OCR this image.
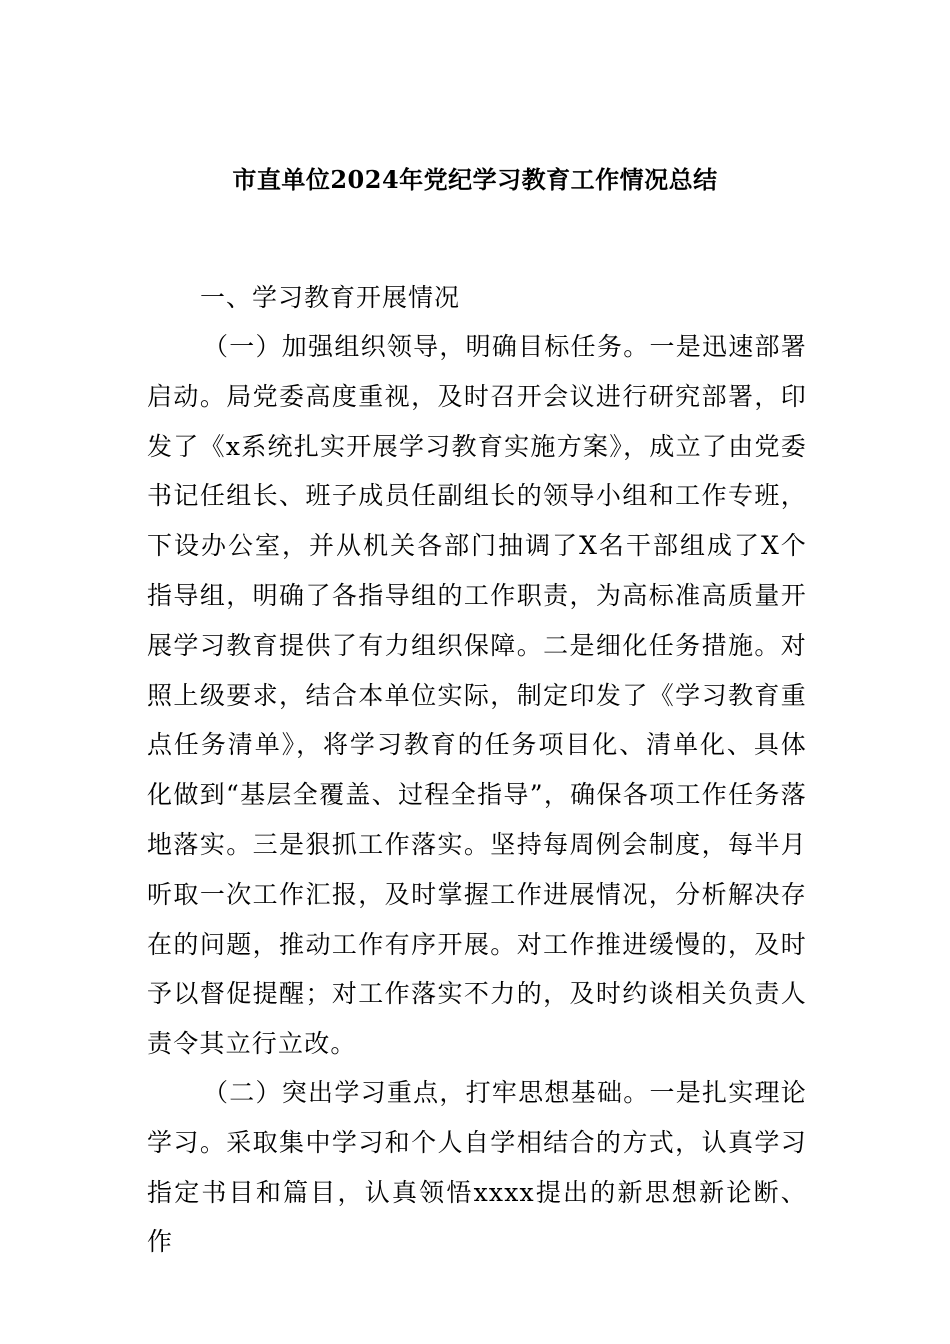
市直单位2024年党纪学习教育工作情况总结
一、学习教育开展情况

（一）加强组织领导，明确目标任务。一是迅速部署启动。局党委高度重视，及时召开会议进行研究部署，印发了《x系统扎实开展学习教育实施方案》，成立了由党委书记任组长、班子成员任副组长的领导小组和工作专班，下设办公室，并从机关各部门抽调了X名干部组成了X个指导组，明确了各指导组的工作职责，为高标准高质量开展学习教育提供了有力组织保障。二是细化任务措施。对照上级要求，结合本单位实际，制定印发了《学习教育重点任务清单》，将学习教育的任务项目化、清单化、具体化做到“基层全覆盖、过程全指导”，确保各项工作任务落地落实。三是狠抓工作落实。坚持每周例会制度，每半月听取一次工作汇报，及时掌握工作进展情况，分析解决存在的问题，推动工作有序开展。对工作推进缓慢的，及时予以督促提醒；对工作落实不力的，及时约谈相关负责人责令其立行立改。

（二）突出学习重点，打牢思想基础。一是扎实理论学习。采取集中学习和个人自学相结合的方式，认真学习指定书目和篇目，认真领悟xxxx提出的新思想新论断、作
